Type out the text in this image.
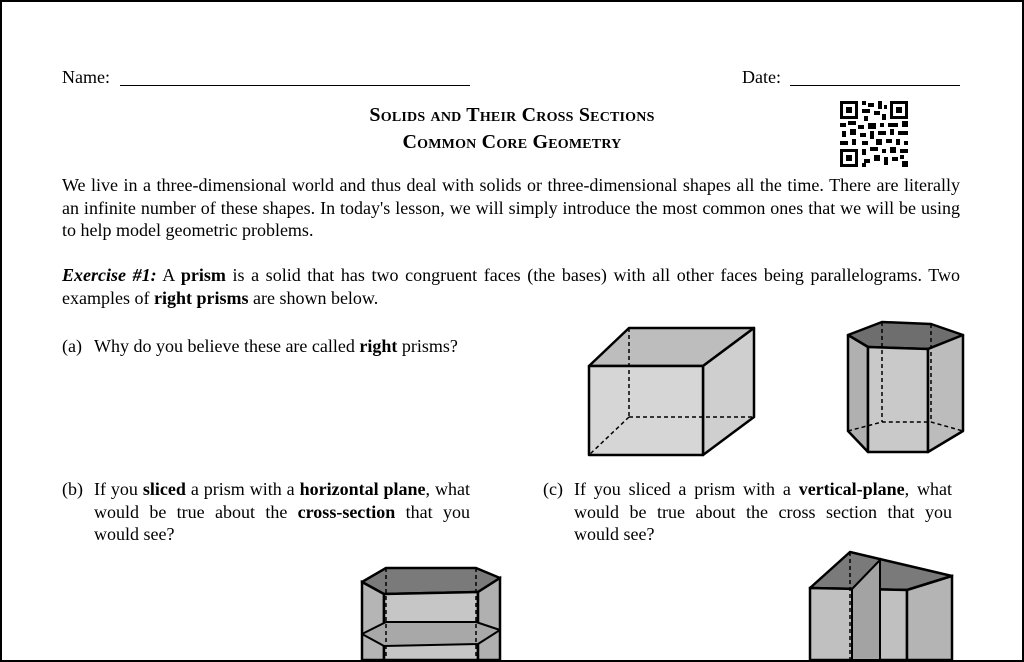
Name:	Date:
Solids and Their Cross Sections
Common Core Geometry
We live in a three-dimensional world and thus deal with solids or three-dimensional shapes all the time. There are literally an infinite number of these shapes. In today's lesson, we will simply introduce the most common ones that we will be using to help model geometric problems.
Exercise #1: A prism is a solid that has two congruent faces (the bases) with all other faces being parallelograms. Two examples of right prisms are shown below.
(a) Why do you believe these are called right prisms?
(b) If you sliced a prism with a horizontal plane, what would be true about the cross-section that you would see?
(c) If you sliced a prism with a vertical-plane, what would be true about the cross section that you would see?
